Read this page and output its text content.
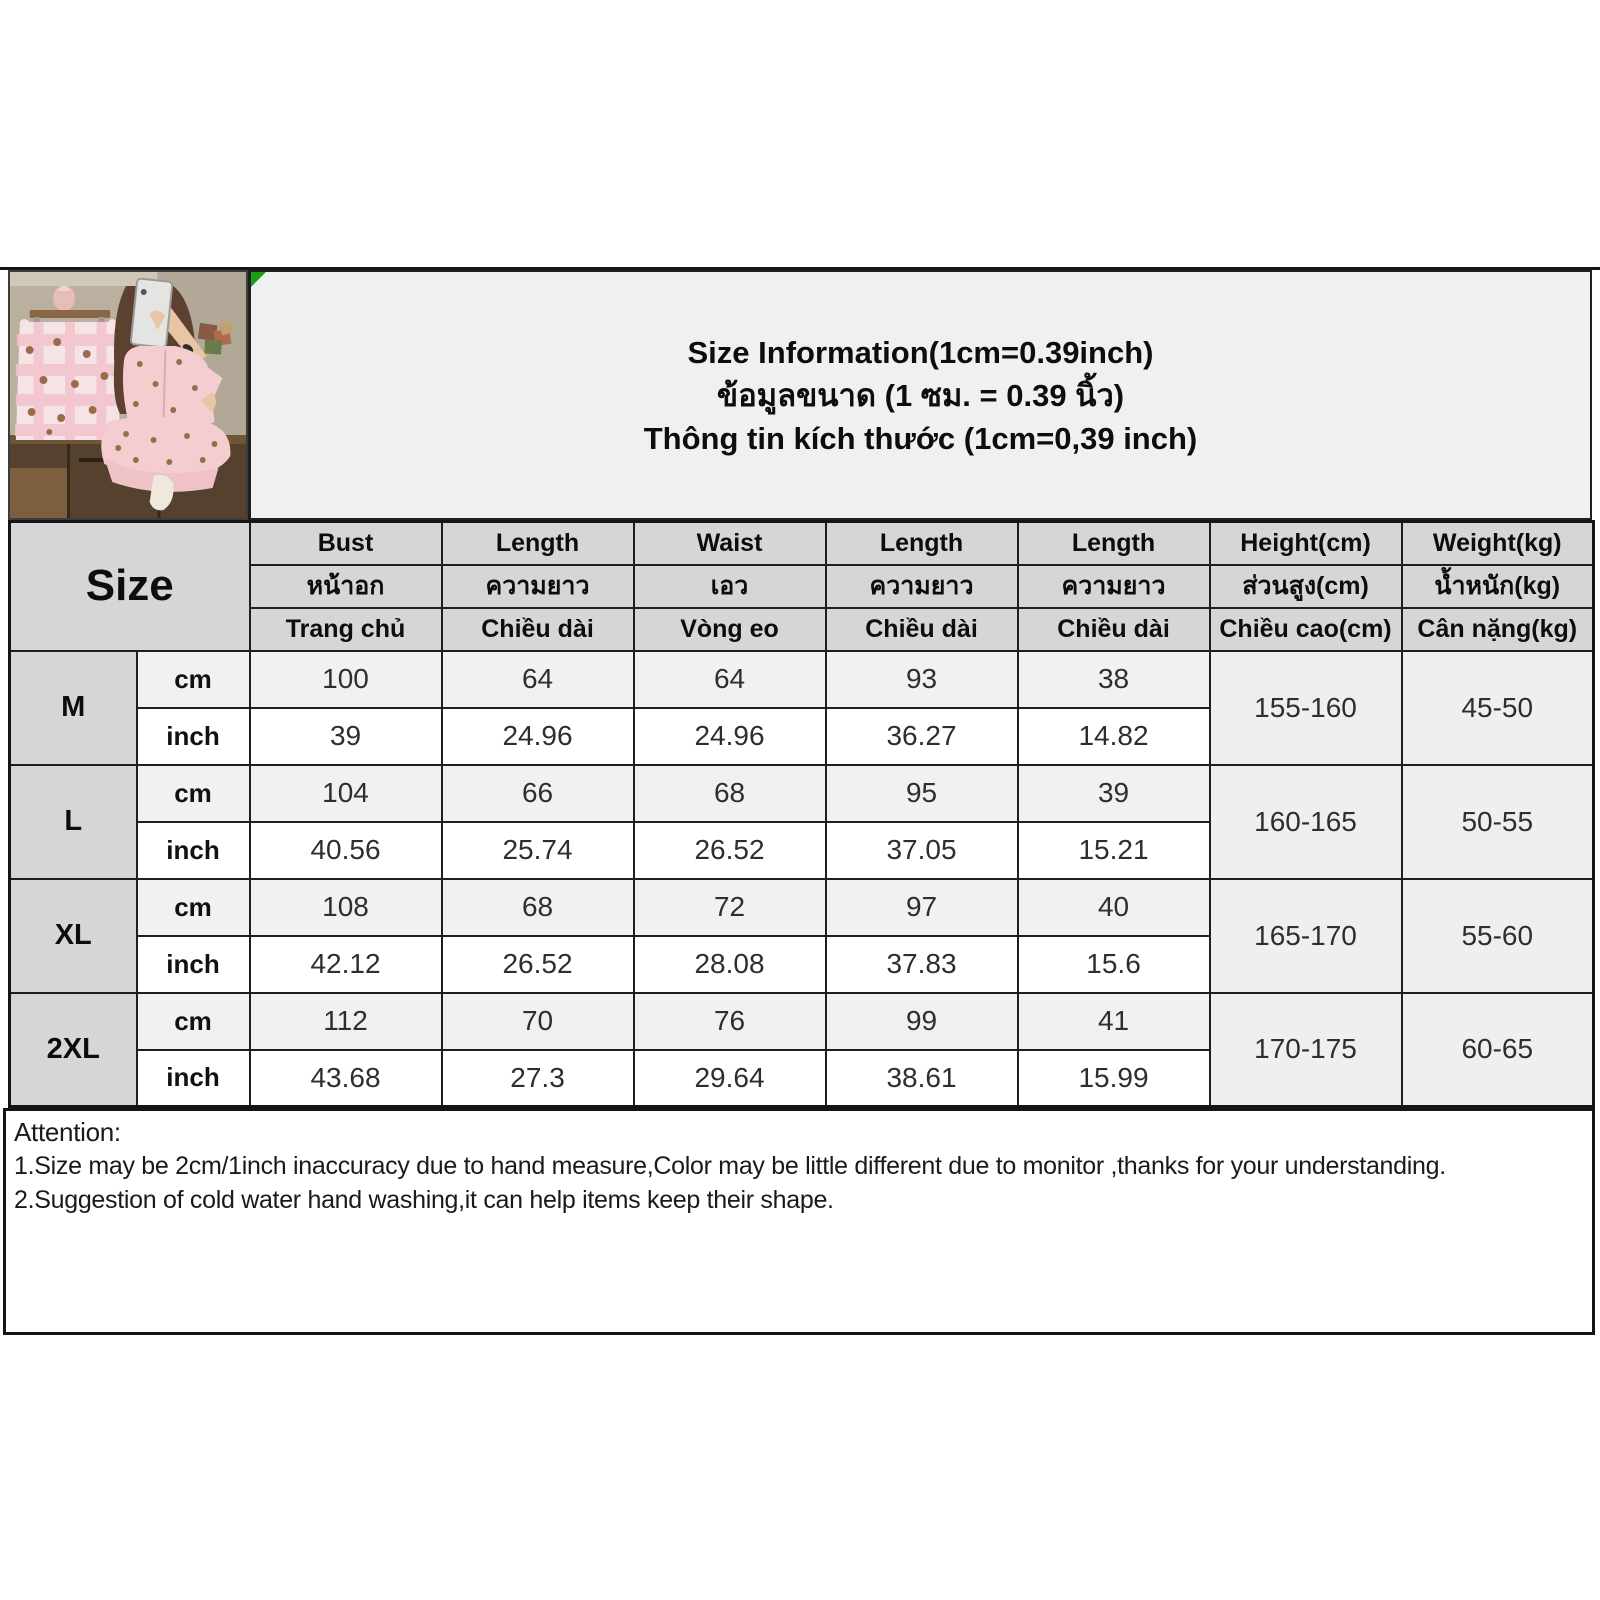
Size Information(1cm=0.39inch)
ข้อมูลขนาด (1 ซม. = 0.39 นิ้ว)
Thông tin kích thước (1cm=0,39 inch)
Size		Bust	Length	Waist	Length	Length	Height(cm)	Weight(kg)
		หน้าอก	ความยาว	เอว	ความยาว	ความยาว	ส่วนสูง(cm)	น้ำหนัก(kg)
		Trang chủ	Chiều dài	Vòng eo	Chiều dài	Chiều dài	Chiều cao(cm)	Cân nặng(kg)
M	cm	100	64	64	93	38	155-160	45-50
	inch	39	24.96	24.96	36.27	14.82		
L	cm	104	66	68	95	39	160-165	50-55
	inch	40.56	25.74	26.52	37.05	15.21		
XL	cm	108	68	72	97	40	165-170	55-60
	inch	42.12	26.52	28.08	37.83	15.6		
2XL	cm	112	70	76	99	41	170-175	60-65
	inch	43.68	27.3	29.64	38.61	15.99		
Attention:
1.Size may be 2cm/1inch inaccuracy due to hand measure,Color may be little different due to monitor ,thanks for your understanding.
2.Suggestion of cold water hand washing,it can help items keep their shape.
